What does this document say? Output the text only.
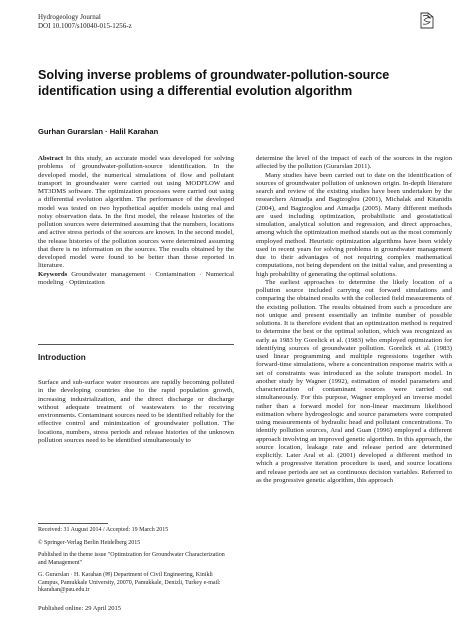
Hydrogeology Journal
DOI 10.1007/s10040-015-1256-z
Solving inverse problems of groundwater-pollution-source identification using a differential evolution algorithm
Gurhan Gurarslan · Halil Karahan

Abstract In this study, an accurate model was developed for solving problems of groundwater-pollution-source identification. In the developed model, the numerical simulations of flow and pollutant transport in groundwater were carried out using MODFLOW and MT3DMS software. The optimization processes were carried out using a differential evolution algorithm. The performance of the developed model was tested on two hypothetical aquifer models using real and noisy observation data. In the first model, the release histories of the pollution sources were determined assuming that the numbers, locations and active stress periods of the sources are known. In the second model, the release histories of the pollution sources were determined assuming that there is no information on the sources. The results obtained by the developed model were found to be better than those reported in literature.

Keywords Groundwater management · Contamination · Numerical modeling · Optimization

Introduction
Surface and sub-surface water resources are rapidly becoming polluted in the developing countries due to the rapid population growth, increasing industrialization, and the direct discharge or discharge without adequate treatment of wastewaters to the receiving environments. Contaminant sources need to be identified reliably for the effective control and minimization of groundwater pollution. The locations, numbers, stress periods and release histories of the unknown pollution sources need to be identified simultaneously to
Received: 31 August 2014 / Accepted: 19 March 2015
© Springer-Verlag Berlin Heidelberg 2015
Published in the theme issue "Optimization for Groundwater Characterization and Management"
G. Gurarslan · H. Karahan (✉) Department of Civil Engineering, Kinikli Campus, Pamukkale University, 20070, Pamukkale, Denizli, Turkey e-mail: hkarahan@pau.edu.tr
Published online: 29 April 2015

determine the level of the impact of each of the sources in the region affected by the pollution (Gurarslan 2011).

Many studies have been carried out to date on the identification of sources of groundwater pollution of unknown origin. In-depth literature search and review of the existing studies have been undertaken by the researchers Atmadja and Bagtzoglou (2001), Michalak and Kitanidis (2004), and Bagtzoglou and Atmadja (2005). Many different methods are used including optimization, probabilistic and geostatistical simulation, analytical solution and regression, and direct approaches, among which the optimization method stands out as the most commonly employed method. Heuristic optimization algorithms have been widely used in recent years for solving problems in groundwater management due to their advantages of not requiring complex mathematical computations, not being dependent on the initial value, and presenting a high probability of generating the optimal solutions.

The earliest approaches to determine the likely location of a pollution source included carrying out forward simulations and comparing the obtained results with the collected field measurements of the existing pollution. The results obtained from such a procedure are not unique and present essentially an infinite number of possible solutions. It is therefore evident that an optimization method is required to determine the best or the optimal solution, which was recognized as early as 1983 by Gorelick et al. (1983) who employed optimization for identifying sources of groundwater pollution. Gorelick et al. (1983) used linear programming and multiple regressions together with forward-time simulations, where a concentration response matrix with a set of constraints was introduced as the solute transport model. In another study by Wagner (1992), estimation of model parameters and characterization of contaminant sources were carried out simultaneously. For this purpose, Wagner employed an inverse model rather than a forward model for non-linear maximum likelihood estimation where hydrogeologic and source parameters were computed using measurements of hydraulic head and pollutant concentrations. To identify pollution sources, Aral and Guan (1996) employed a different approach involving an improved genetic algorithm. In this approach, the source location, leakage rate and release period are determined explicitly. Later Aral et al. (2001) developed a different method in which a progressive iteration procedure is used, and source locations and release periods are set as continuous decision variables. Referred to as the progressive genetic algorithm, this approach
